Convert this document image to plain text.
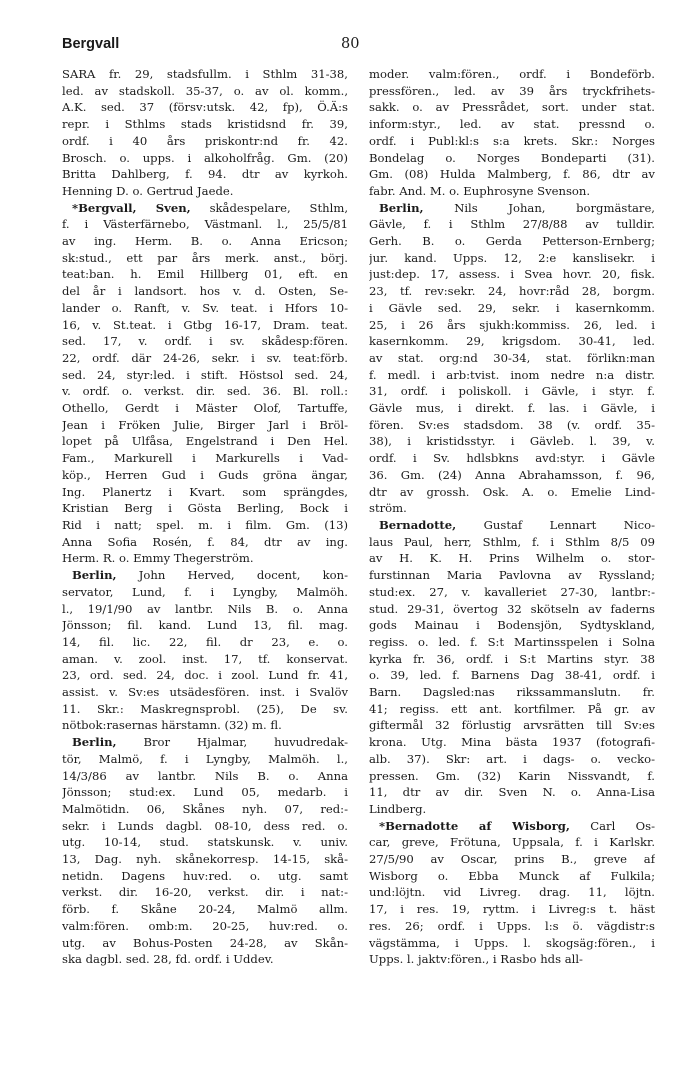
Bergvall	80
SARA fr. 29, stadsfullm. i Sthlm 31-38,
led. av stadskoll. 35-37, o. av ol. komm.,
A.K. sed. 37 (försv:utsk. 42, fp), Ö.Ä:s
repr. i Sthlms stads kristidsnd fr. 39,
ordf. i 40 års priskontr:nd fr. 42.
Brosch. o. upps. i alkoholfråg. Gm. (20)
Britta Dahlberg, f. 94. dtr av kyrkoh.
Henning D. o. Gertrud Jaede.
*Bergvall, Sven, skådespelare, Sthlm,
f. i Västerfärnebo, Västmanl. l., 25/5/81
av ing. Herm. B. o. Anna Ericson;
sk:stud., ett par års merk. anst., börj.
teat:ban. h. Emil Hillberg 01, eft. en
del år i landsort. hos v. d. Osten, Se-
lander o. Ranft, v. Sv. teat. i Hfors 10-
16, v. St.teat. i Gtbg 16-17, Dram. teat.
sed. 17, v. ordf. i sv. skådesp:fören.
22, ordf. där 24-26, sekr. i sv. teat:förb.
sed. 24, styr:led. i stift. Höstsol sed. 24,
v. ordf. o. verkst. dir. sed. 36. Bl. roll.:
Othello, Gerdt i Mäster Olof, Tartuffe,
Jean i Fröken Julie, Birger Jarl i Bröl-
lopet på Ulfåsa, Engelstrand i Den Hel.
Fam., Markurell i Markurells i Vad-
köp., Herren Gud i Guds gröna ängar,
Ing. Planertz i Kvart. som sprängdes,
Kristian Berg i Gösta Berling, Bock i
Rid i natt; spel. m. i film. Gm. (13)
Anna Sofia Rosén, f. 84, dtr av ing.
Herm. R. o. Emmy Thegerström.
Berlin, John Herved, docent, kon-
servator, Lund, f. i Lyngby, Malmöh.
l., 19/1/90 av lantbr. Nils B. o. Anna
Jönsson; fil. kand. Lund 13, fil. mag.
14, fil. lic. 22, fil. dr 23, e. o.
aman. v. zool. inst. 17, tf. konservat.
23, ord. sed. 24, doc. i zool. Lund fr. 41,
assist. v. Sv:es utsädesfören. inst. i Svalöv
11. Skr.: Maskregnsprobl. (25), De sv.
nötbok:rasernas härstamn. (32) m. fl.
Berlin, Bror Hjalmar, huvudredak-
tör, Malmö, f. i Lyngby, Malmöh. l.,
14/3/86 av lantbr. Nils B. o. Anna
Jönsson; stud:ex. Lund 05, medarb. i
Malmötidn. 06, Skånes nyh. 07, red:-
sekr. i Lunds dagbl. 08-10, dess red. o.
utg. 10-14, stud. statskunsk. v. univ.
13, Dag. nyh. skånekorresp. 14-15, skå-
netidn. Dagens huv:red. o. utg. samt
verkst. dir. 16-20, verkst. dir. i nat:-
förb. f. Skåne 20-24, Malmö allm.
valm:fören. omb:m. 20-25, huv:red. o.
utg. av Bohus-Posten 24-28, av Skån-
ska dagbl. sed. 28, fd. ordf. i Uddev.
moder. valm:fören., ordf. i Bondeförb.
pressfören., led. av 39 års tryckfrihets-
sakk. o. av Pressrådet, sort. under stat.
inform:styr., led. av stat. pressnd o.
ordf. i Publ:kl:s s:a krets. Skr.: Norges
Bondelag o. Norges Bondeparti (31).
Gm. (08) Hulda Malmberg, f. 86, dtr av
fabr. And. M. o. Euphrosyne Svenson.
Berlin, Nils Johan, borgmästare,
Gävle, f. i Sthlm 27/8/88 av tulldir.
Gerh. B. o. Gerda Petterson-Ernberg;
jur. kand. Upps. 12, 2:e kanslisekr. i
just:dep. 17, assess. i Svea hovr. 20, fisk.
23, tf. rev:sekr. 24, hovr:råd 28, borgm.
i Gävle sed. 29, sekr. i kasernkomm.
25, i 26 års sjukh:kommiss. 26, led. i
kasernkomm. 29, krigsdom. 30-41, led.
av stat. org:nd 30-34, stat. förlikn:man
f. medl. i arb:tvist. inom nedre n:a distr.
31, ordf. i poliskoll. i Gävle, i styr. f.
Gävle mus, i direkt. f. las. i Gävle, i
fören. Sv:es stadsdom. 38 (v. ordf. 35-
38), i kristidsstyr. i Gävleb. l. 39, v.
ordf. i Sv. hdlsbkns avd:styr. i Gävle
36. Gm. (24) Anna Abrahamsson, f. 96,
dtr av grossh. Osk. A. o. Emelie Lind-
ström.
Bernadotte, Gustaf Lennart Nico-
laus Paul, herr, Sthlm, f. i Sthlm 8/5 09
av H. K. H. Prins Wilhelm o. stor-
furstinnan Maria Pavlovna av Ryssland;
stud:ex. 27, v. kavalleriet 27-30, lantbr:-
stud. 29-31, övertog 32 skötseln av faderns
gods Mainau i Bodensjön, Sydtyskland,
regiss. o. led. f. S:t Martinsspelen i Solna
kyrka fr. 36, ordf. i S:t Martins styr. 38
o. 39, led. f. Barnens Dag 38-41, ordf. i
Barn. Dagsled:nas rikssammanslutn. fr.
41; regiss. ett ant. kortfilmer. På gr. av
giftermål 32 förlustig arvsrätten till Sv:es
krona. Utg. Mina bästa 1937 (fotografi-
alb. 37). Skr: art. i dags- o. vecko-
pressen. Gm. (32) Karin Nissvandt, f.
11, dtr av dir. Sven N. o. Anna-Lisa
Lindberg.
*Bernadotte af Wisborg, Carl Os-
car, greve, Frötuna, Uppsala, f. i Karlskr.
27/5/90 av Oscar, prins B., greve af
Wisborg o. Ebba Munck af Fulkila;
und:löjtn. vid Livreg. drag. 11, löjtn.
17, i res. 19, ryttm. i Livreg:s t. häst
res. 26; ordf. i Upps. l:s ö. vägdistr:s
vägstämma, i Upps. l. skogsäg:fören., i
Upps. l. jaktv:fören., i Rasbo hds all-
